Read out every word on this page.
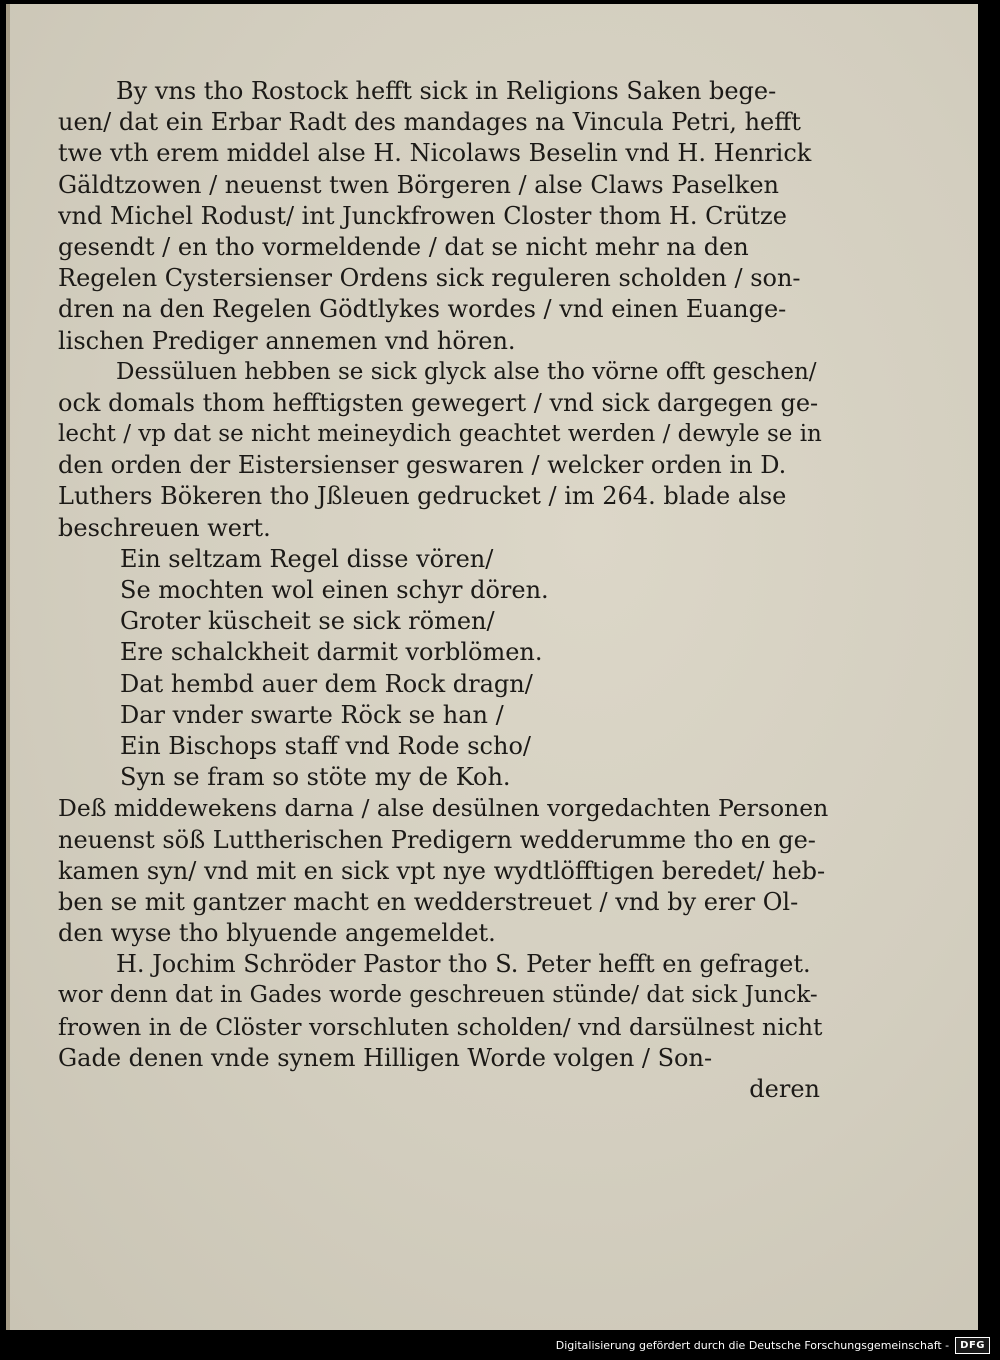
By vns tho Rostock hefft sick in Religions Saken bege-
uen/ dat ein Erbar Radt des mandages na Vincula Petri, hefft
twe vth erem middel alse H. Nicolaws Beselin vnd H. Henrick
Gäldtzowen / neuenst twen Börgeren / alse Claws Paselken
vnd Michel Rodust/ int Junckfrowen Closter thom H. Crütze
gesendt / en tho vormeldende / dat se nicht mehr na den
Regelen Cystersienser Ordens sick reguleren scholden / son-
dren na den Regelen Gödtlykes wordes / vnd einen Euange-
lischen Prediger annemen vnd hören.
Dessüluen hebben se sick glyck alse tho vörne offt geschen/
ock domals thom hefftigsten gewegert / vnd sick dargegen ge-
lecht / vp dat se nicht meineydich geachtet werden / dewyle se in
den orden der Eistersienser geswaren / welcker orden in D.
Luthers Bökeren tho Jßleuen gedrucket / im 264. blade alse
beschreuen wert.
Ein seltzam Regel disse vören/
Se mochten wol einen schyr dören.
Groter küscheit se sick römen/
Ere schalckheit darmit vorblömen.
Dat hembd auer dem Rock dragn/
Dar vnder swarte Röck se han /
Ein Bischops staff vnd Rode scho/
Syn se fram so stöte my de Koh.
Deß middewekens darna / alse desülnen vorgedachten Personen
neuenst söß Luttherischen Predigern wedderumme tho en ge-
kamen syn/ vnd mit en sick vpt nye wydtlöfftigen beredet/ heb-
ben se mit gantzer macht en wedderstreuet / vnd by erer Ol-
den wyse tho blyuende angemeldet.
H. Jochim Schröder Pastor tho S. Peter hefft en gefraget.
wor denn dat in Gades worde geschreuen stünde/ dat sick Junck-
frowen in de Clöster vorschluten scholden/ vnd darsülnest nicht
Gade denen vnde synem Hilligen Worde volgen / Son-
deren
Digitalisierung gefördert durch die Deutsche Forschungsgemeinschaft -	DFG
